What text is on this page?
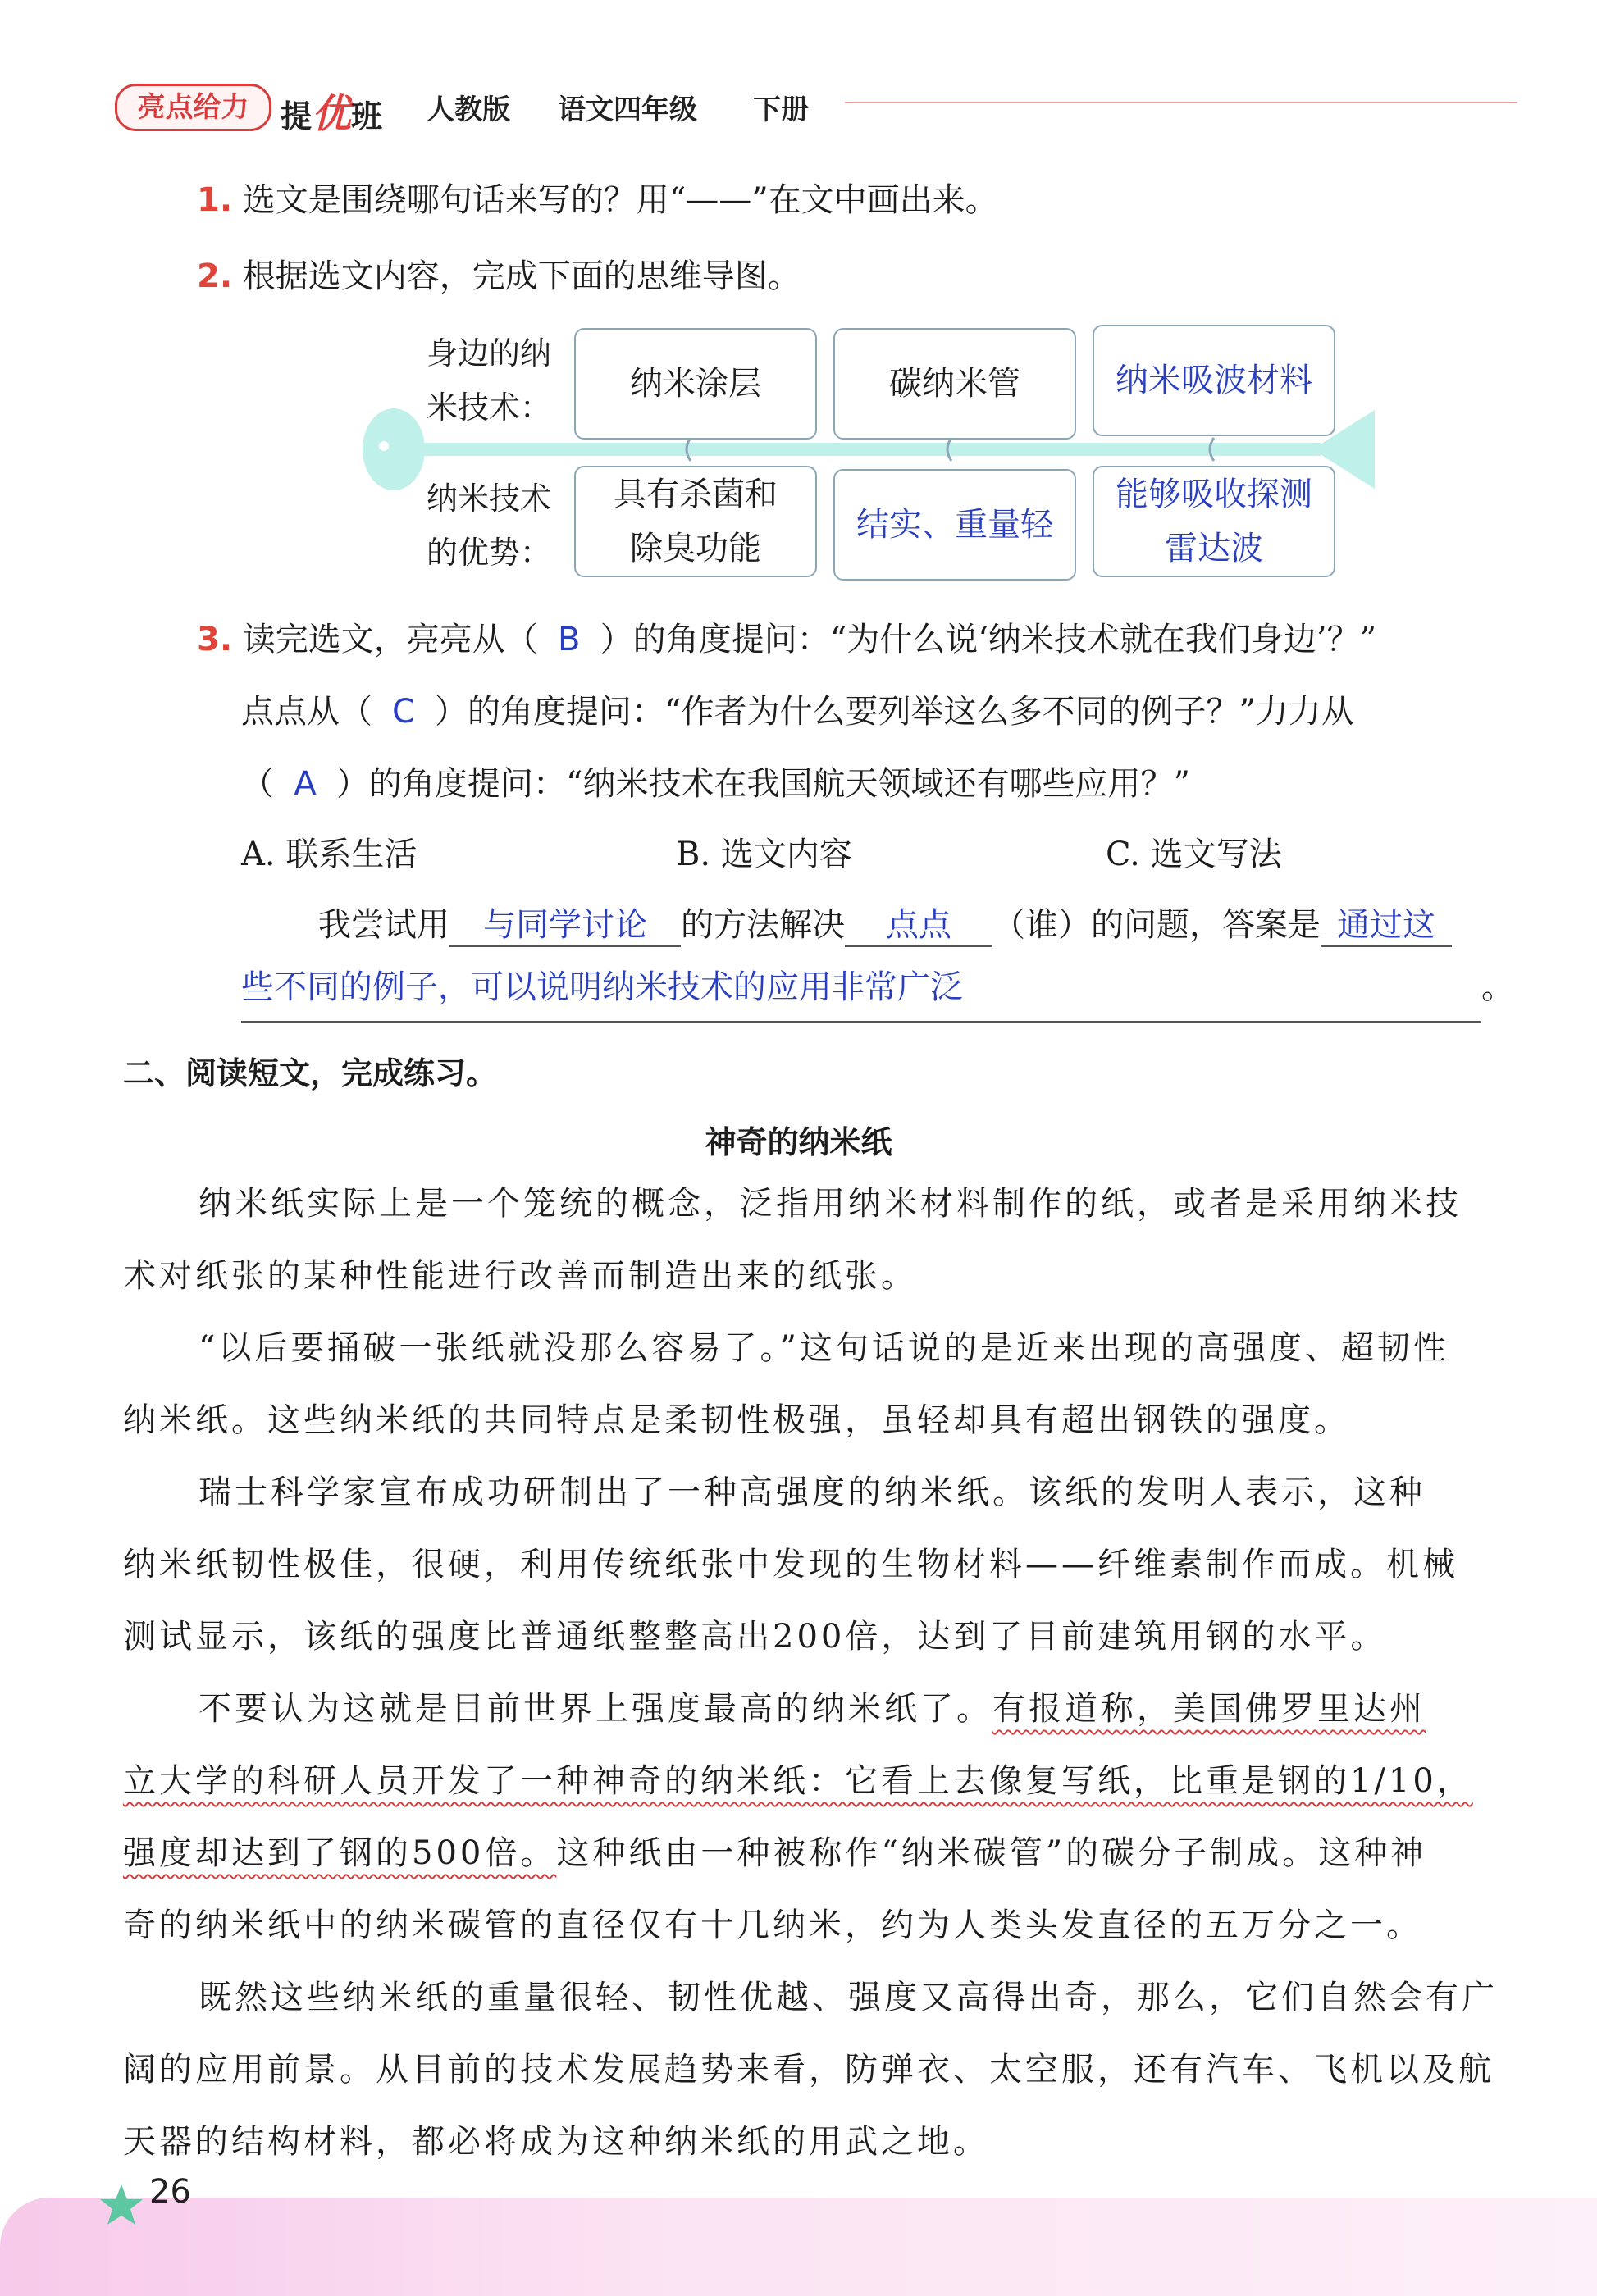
亮点给力	提优班 人教版 语文四年级 下册
1. 选文是围绕哪句话来写的？用“——”在文中画出来。
2. 根据选文内容，完成下面的思维导图。
身边的纳
米技术：
纳米技术
的优势：
纳米涂层	碳纳米管	纳米吸波材料
具有杀菌和
除臭功能
结实、重量轻
能够吸收探测
雷达波
3. 读完选文，亮亮从（ B ）的角度提问：“为什么说‘纳米技术就在我们身边’？”
点点从（ C ）的角度提问：“作者为什么要列举这么多不同的例子？”力力从
（ A ）的角度提问：“纳米技术在我国航天领域还有哪些应用？”
A. 联系生活	B. 选文内容	C. 选文写法
我尝试用 与同学讨论 的方法解决 点点 （谁）的问题，答案是 通过这
些不同的例子，可以说明纳米技术的应用非常广泛	。
二、阅读短文，完成练习。
神奇的纳米纸
纳米纸实际上是一个笼统的概念，泛指用纳米材料制作的纸，或者是采用纳米技
术对纸张的某种性能进行改善而制造出来的纸张。
“以后要捅破一张纸就没那么容易了。”这句话说的是近来出现的高强度、超韧性
纳米纸。这些纳米纸的共同特点是柔韧性极强，虽轻却具有超出钢铁的强度。
瑞士科学家宣布成功研制出了一种高强度的纳米纸。该纸的发明人表示，这种
纳米纸韧性极佳，很硬，利用传统纸张中发现的生物材料——纤维素制作而成。机械
测试显示，该纸的强度比普通纸整整高出200倍，达到了目前建筑用钢的水平。
不要认为这就是目前世界上强度最高的纳米纸了。有报道称，美国佛罗里达州
立大学的科研人员开发了一种神奇的纳米纸：它看上去像复写纸，比重是钢的1/10，
强度却达到了钢的500倍。这种纸由一种被称作“纳米碳管”的碳分子制成。这种神
奇的纳米纸中的纳米碳管的直径仅有十几纳米，约为人类头发直径的五万分之一。
既然这些纳米纸的重量很轻、韧性优越、强度又高得出奇，那么，它们自然会有广
阔的应用前景。从目前的技术发展趋势来看，防弹衣、太空服，还有汽车、飞机以及航
天器的结构材料，都必将成为这种纳米纸的用武之地。
26
